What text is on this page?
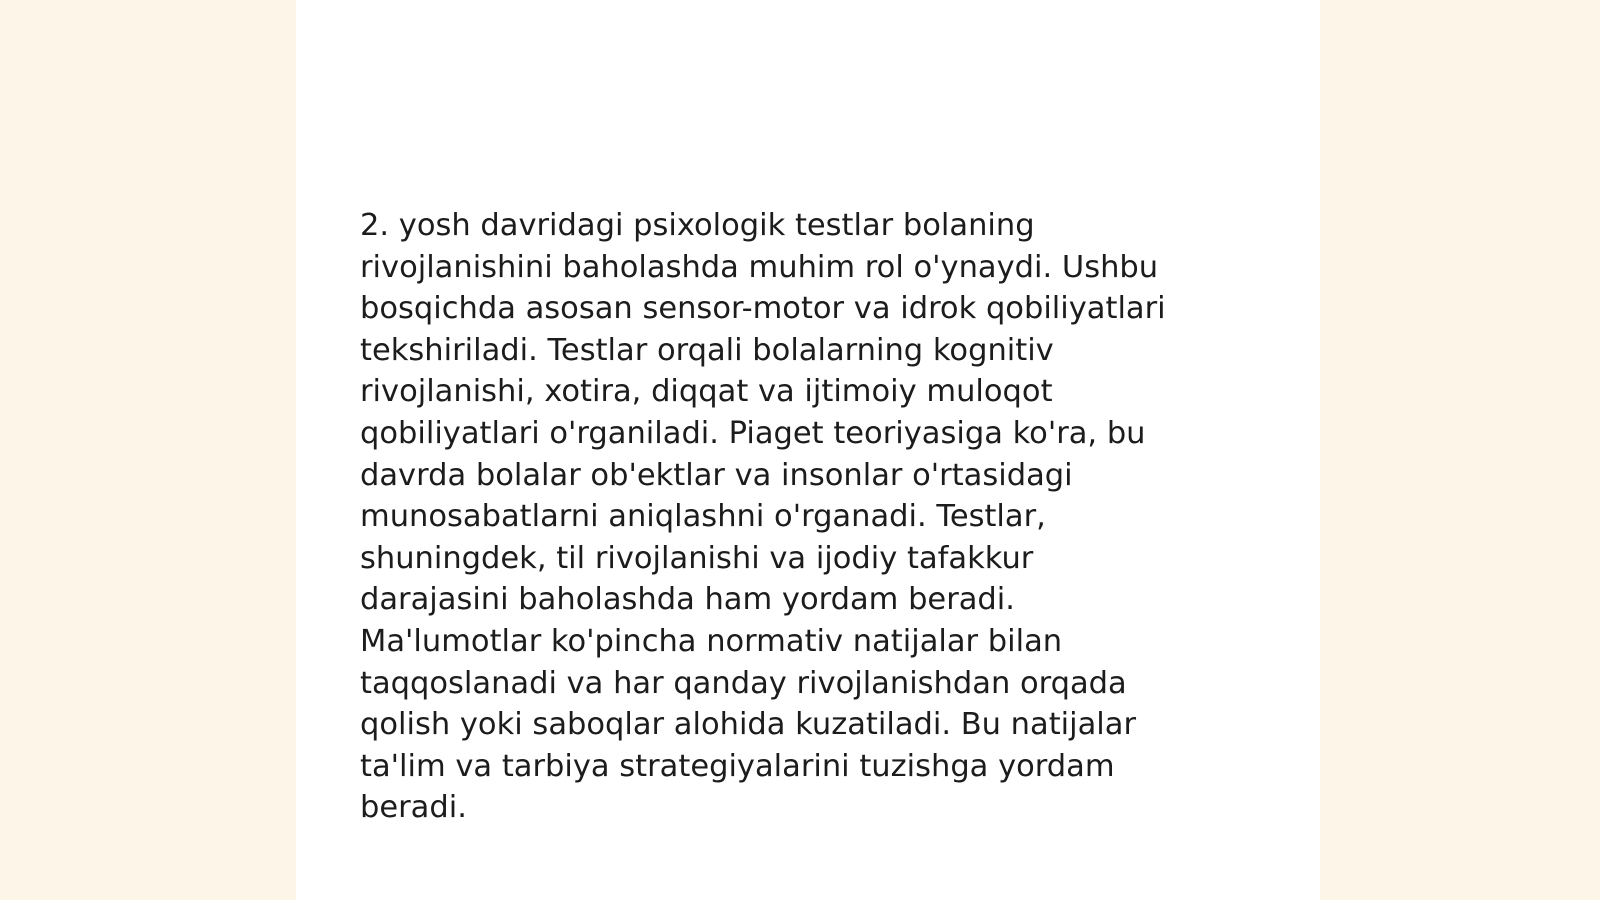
2. yosh davridagi psixologik testlar bolaning
rivojlanishini baholashda muhim rol o'ynaydi. Ushbu
bosqichda asosan sensor-motor va idrok qobiliyatlari
tekshiriladi. Testlar orqali bolalarning kognitiv
rivojlanishi, xotira, diqqat va ijtimoiy muloqot
qobiliyatlari o'rganiladi. Piaget teoriyasiga ko'ra, bu
davrda bolalar ob'ektlar va insonlar o'rtasidagi
munosabatlarni aniqlashni o'rganadi. Testlar,
shuningdek, til rivojlanishi va ijodiy tafakkur
darajasini baholashda ham yordam beradi.
Ma'lumotlar ko'pincha normativ natijalar bilan
taqqoslanadi va har qanday rivojlanishdan orqada
qolish yoki saboqlar alohida kuzatiladi. Bu natijalar
ta'lim va tarbiya strategiyalarini tuzishga yordam
beradi.
